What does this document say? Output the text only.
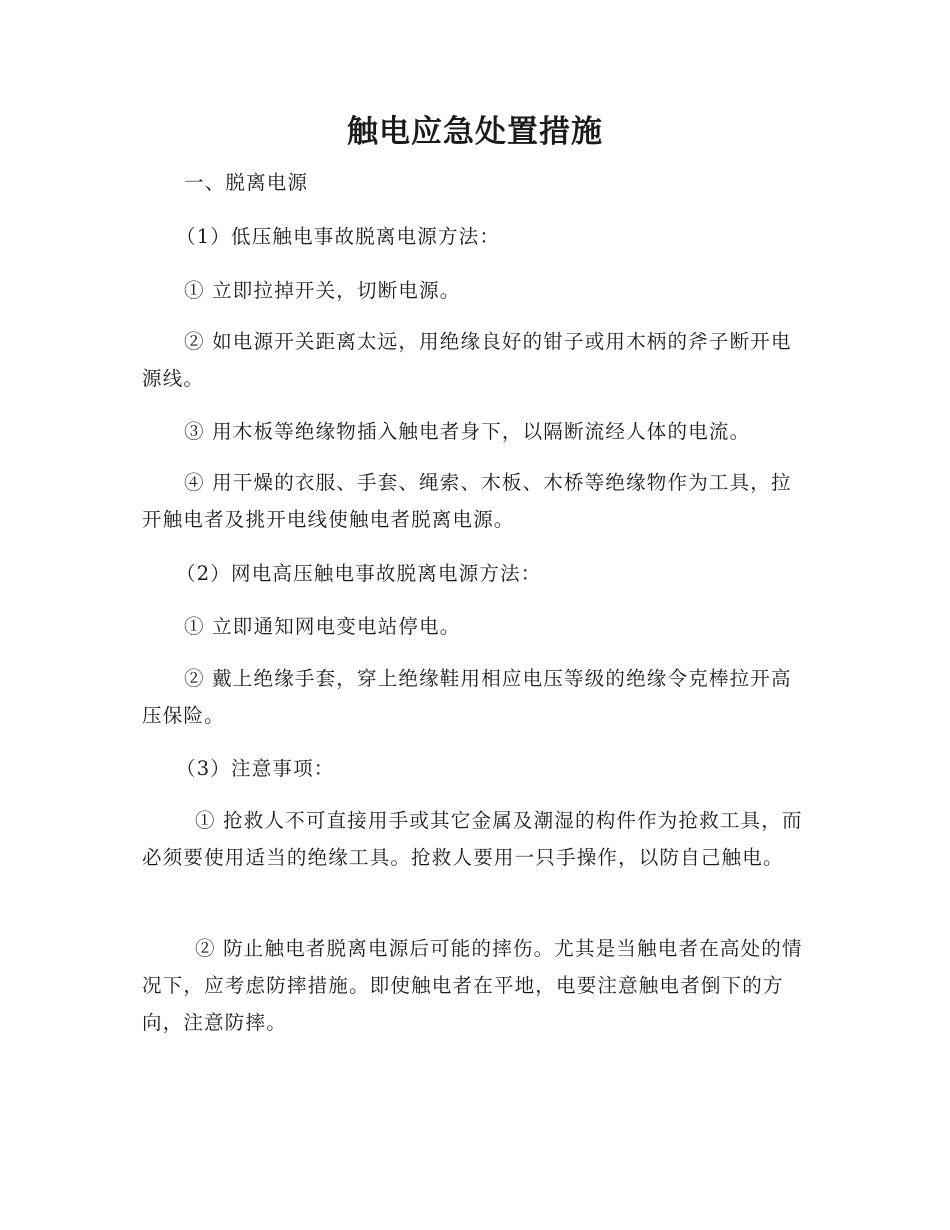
触电应急处置措施

一、脱离电源

（1）低压触电事故脱离电源方法：

① 立即拉掉开关，切断电源。

② 如电源开关距离太远，用绝缘良好的钳子或用木柄的斧子断开电源线。

③ 用木板等绝缘物插入触电者身下，以隔断流经人体的电流。

④ 用干燥的衣服、手套、绳索、木板、木桥等绝缘物作为工具，拉开触电者及挑开电线使触电者脱离电源。

（2）网电高压触电事故脱离电源方法：

① 立即通知网电变电站停电。

② 戴上绝缘手套，穿上绝缘鞋用相应电压等级的绝缘令克棒拉开高压保险。

（3）注意事项：

① 抢救人不可直接用手或其它金属及潮湿的构件作为抢救工具，而必须要使用适当的绝缘工具。抢救人要用一只手操作，以防自己触电。

② 防止触电者脱离电源后可能的摔伤。尤其是当触电者在高处的情况下，应考虑防摔措施。即使触电者在平地，电要注意触电者倒下的方向，注意防摔。
